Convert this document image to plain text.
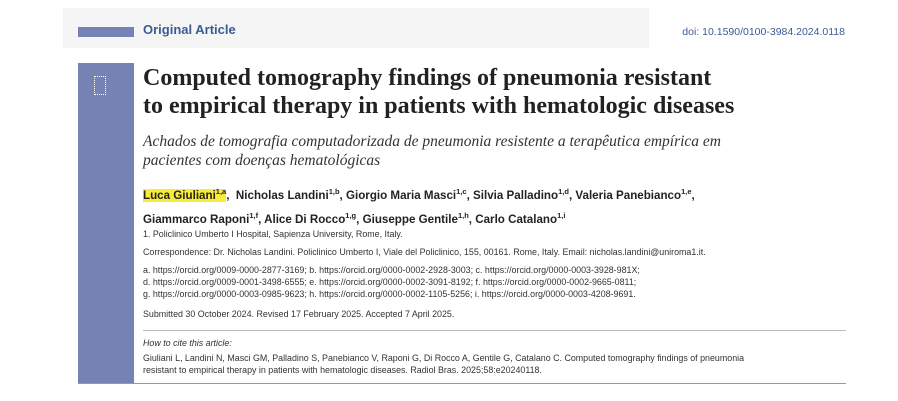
Original Article	doi: 10.1590/0100-3984.2024.0118
Computed tomography findings of pneumonia resistant
to empirical therapy in patients with hematologic diseases
Achados de tomografia computadorizada de pneumonia resistente a terapêutica empírica em
pacientes com doenças hematológicas
Luca Giuliani$^{1,a}$,  Nicholas Landini$^{1,b}$, Giorgio Maria Masci$^{1,c}$, Silvia Palladino$^{1,d}$, Valeria Panebianco$^{1,e}$,
Giammarco Raponi$^{1,f}$, Alice Di Rocco$^{1,g}$, Giuseppe Gentile$^{1,h}$, Carlo Catalano$^{1,i}$
1. Policlinico Umberto I Hospital, Sapienza University, Rome, Italy.
Correspondence: Dr. Nicholas Landini. Policlinico Umberto I, Viale del Policlinico, 155, 00161. Rome, Italy. Email: nicholas.landini@uniroma1.it.
a. https://orcid.org/0009-0000-2877-3169; b. https://orcid.org/0000-0002-2928-3003; c. https://orcid.org/0000-0003-3928-981X;
d. https://orcid.org/0009-0001-3498-6555; e. https://orcid.org/0000-0002-3091-8192; f. https://orcid.org/0000-0002-9665-0811;
g. https://orcid.org/0000-0003-0985-9623; h. https://orcid.org/0000-0002-1105-5256; i. https://orcid.org/0000-0003-4208-9691.
Submitted 30 October 2024. Revised 17 February 2025. Accepted 7 April 2025.
How to cite this article:
Giuliani L, Landini N, Masci GM, Palladino S, Panebianco V, Raponi G, Di Rocco A, Gentile G, Catalano C. Computed tomography findings of pneumonia
resistant to empirical therapy in patients with hematologic diseases. Radiol Bras. 2025;58:e20240118.
